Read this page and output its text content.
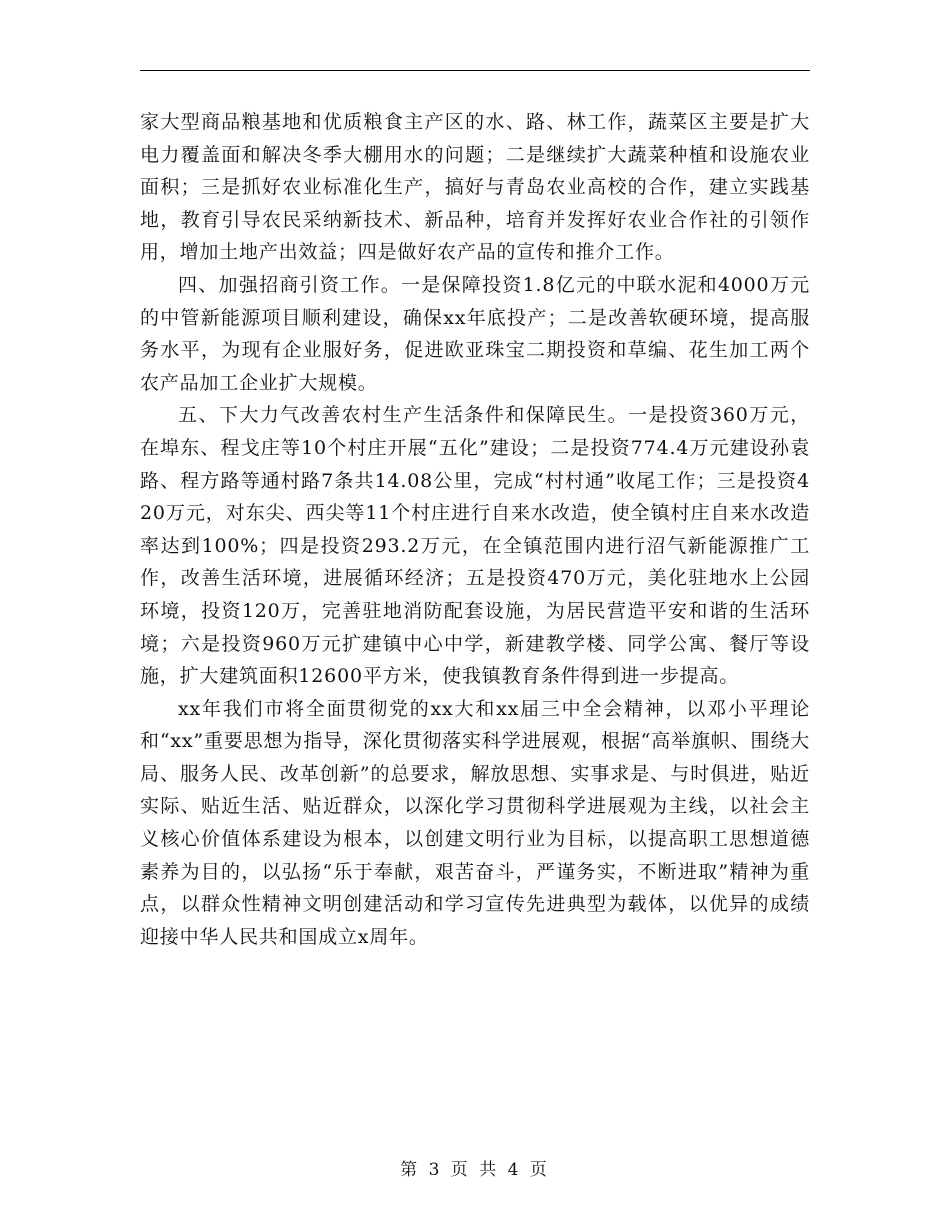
家大型商品粮基地和优质粮食主产区的水、路、林工作，蔬菜区主要是扩大电力覆盖面和解决冬季大棚用水的问题；二是继续扩大蔬菜种植和设施农业面积；三是抓好农业标准化生产，搞好与青岛农业高校的合作，建立实践基地，教育引导农民采纳新技术、新品种，培育并发挥好农业合作社的引领作用，增加土地产出效益；四是做好农产品的宣传和推介工作。

四、加强招商引资工作。一是保障投资1.8亿元的中联水泥和4000万元的中管新能源项目顺利建设，确保xx年底投产；二是改善软硬环境，提高服务水平，为现有企业服好务，促进欧亚珠宝二期投资和草编、花生加工两个农产品加工企业扩大规模。

五、下大力气改善农村生产生活条件和保障民生。一是投资360万元，在埠东、程戈庄等10个村庄开展“五化”建设；二是投资774.4万元建设孙袁路、程方路等通村路7条共14.08公里，完成“村村通”收尾工作；三是投资420万元，对东尖、西尖等11个村庄进行自来水改造，使全镇村庄自来水改造率达到100%；四是投资293.2万元，在全镇范围内进行沼气新能源推广工作，改善生活环境，进展循环经济；五是投资470万元，美化驻地水上公园环境，投资120万，完善驻地消防配套设施，为居民营造平安和谐的生活环境；六是投资960万元扩建镇中心中学，新建教学楼、同学公寓、餐厅等设施，扩大建筑面积12600平方米，使我镇教育条件得到进一步提高。

xx年我们市将全面贯彻党的xx大和xx届三中全会精神，以邓小平理论和“xx”重要思想为指导，深化贯彻落实科学进展观，根据“高举旗帜、围绕大局、服务人民、改革创新”的总要求，解放思想、实事求是、与时俱进，贴近实际、贴近生活、贴近群众，以深化学习贯彻科学进展观为主线，以社会主义核心价值体系建设为根本，以创建文明行业为目标，以提高职工思想道德素养为目的，以弘扬“乐于奉献，艰苦奋斗，严谨务实，不断进取”精神为重点，以群众性精神文明创建活动和学习宣传先进典型为载体，以优异的成绩迎接中华人民共和国成立x周年。

第 3 页 共 4 页
